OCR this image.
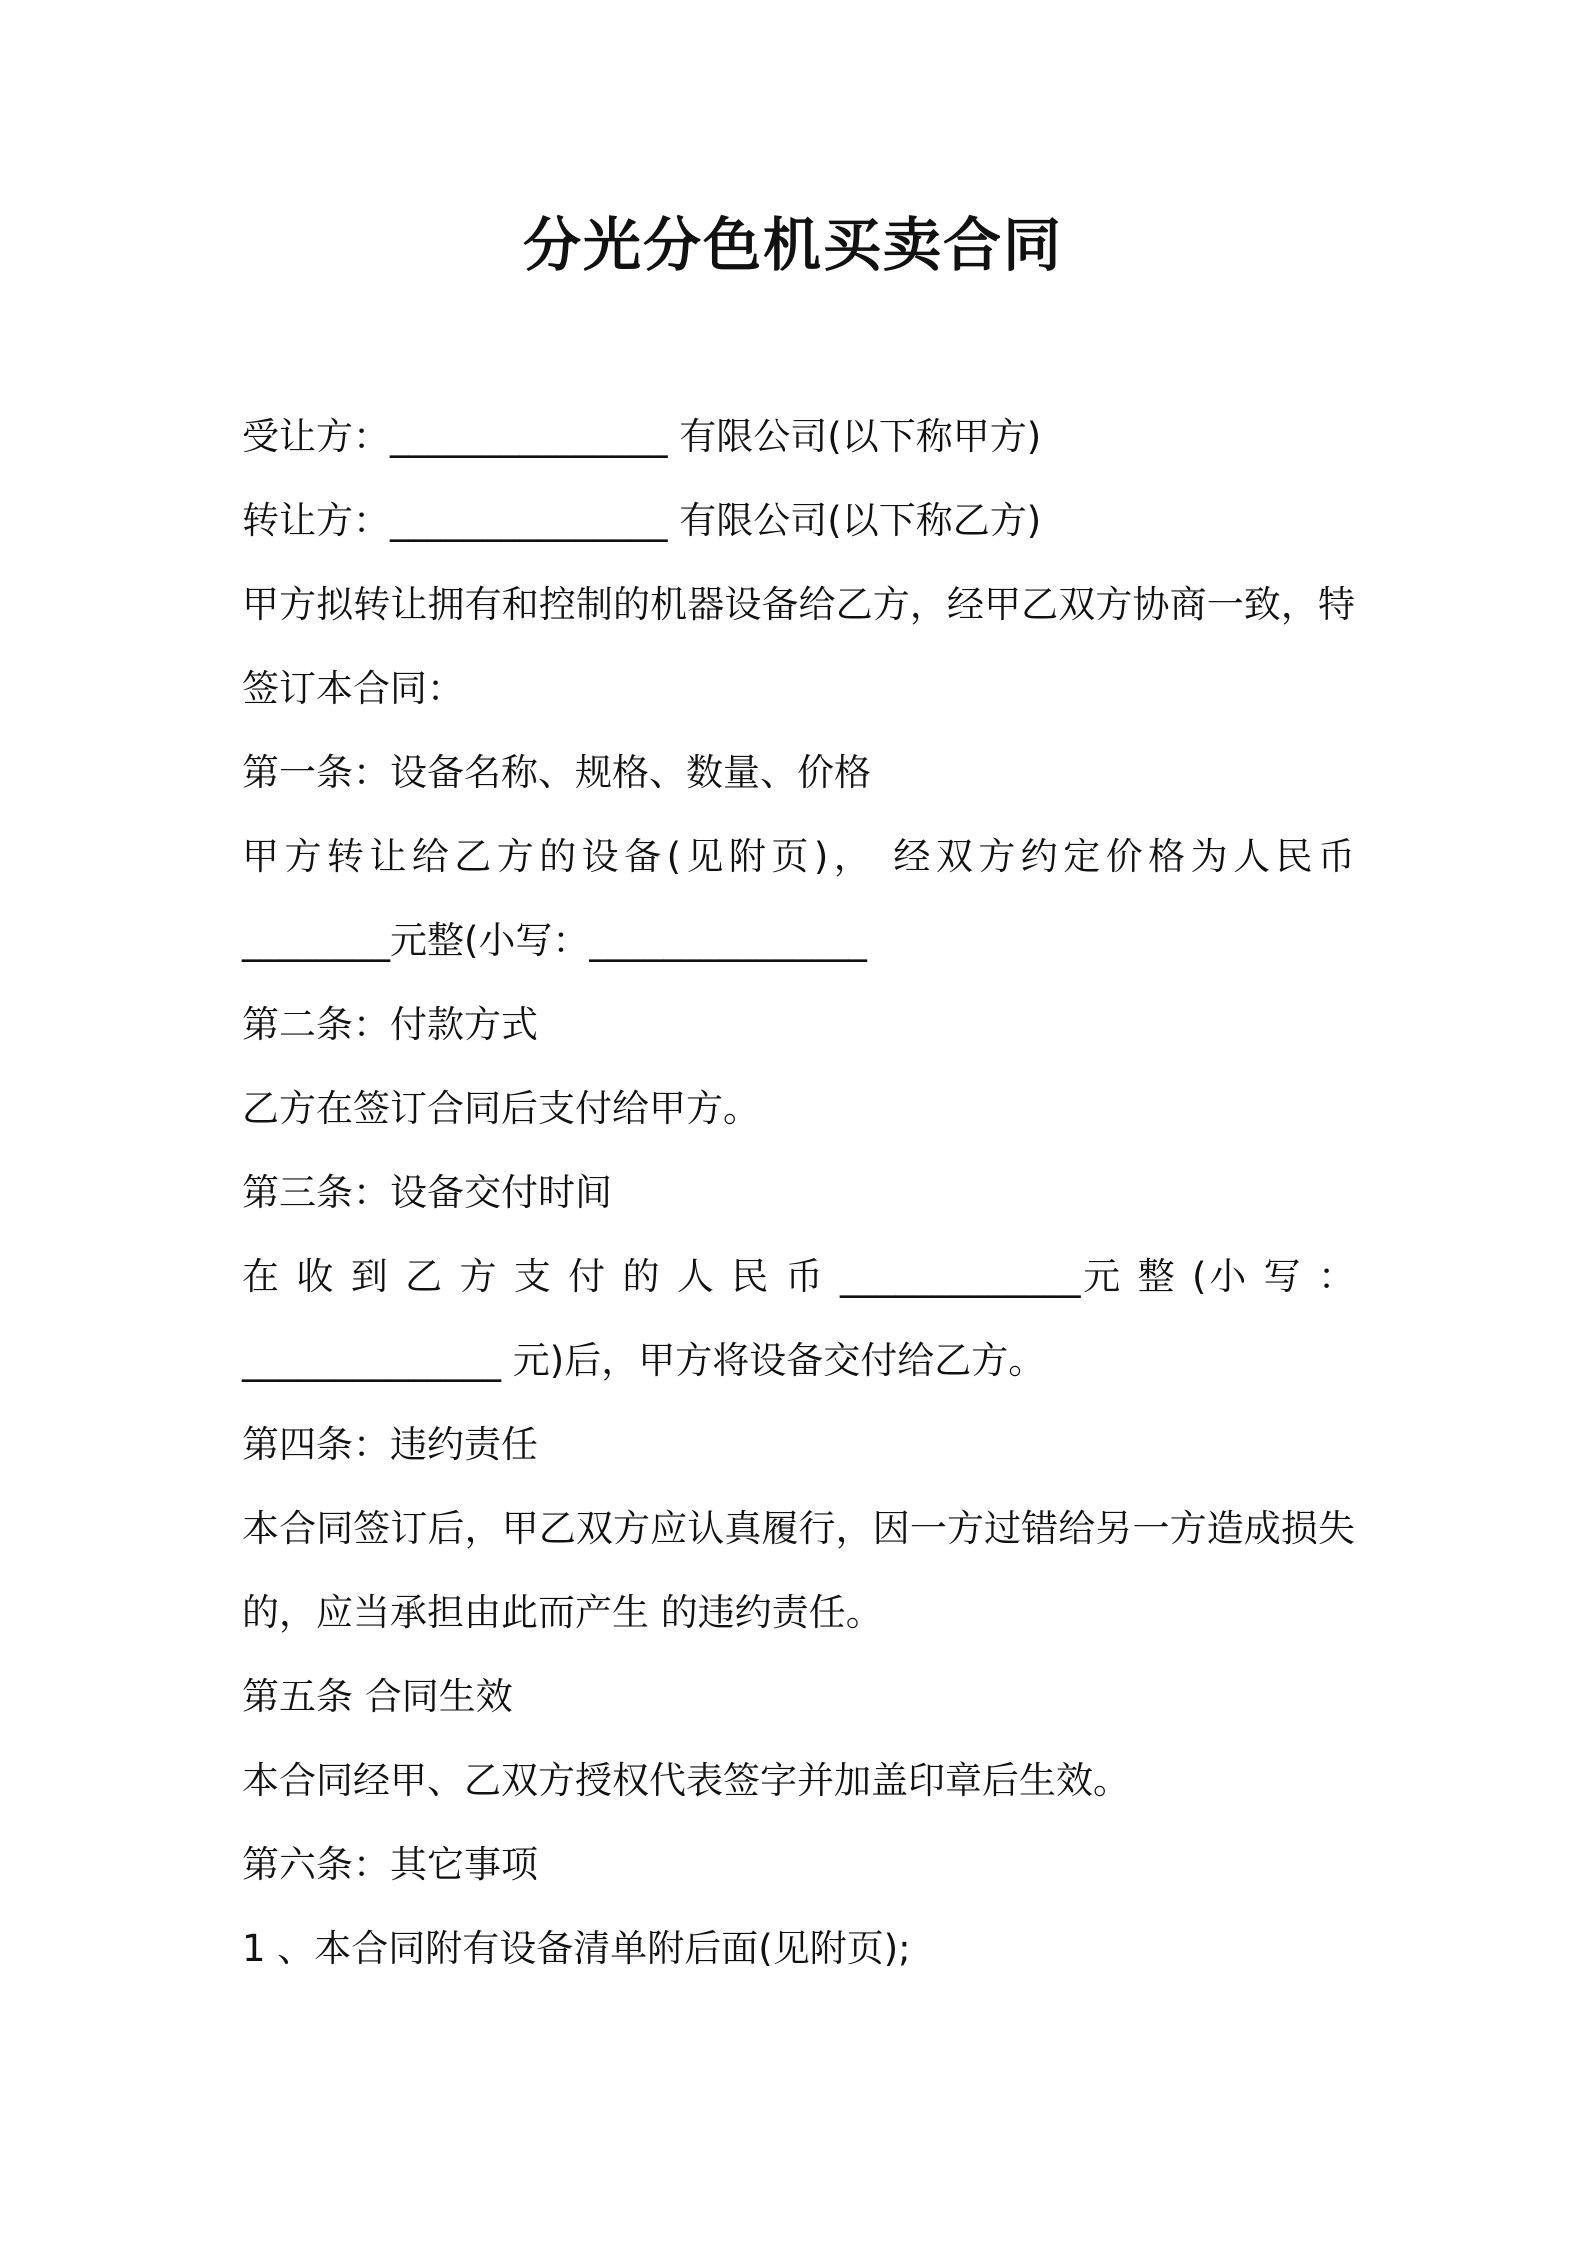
分光分色机买卖合同
受让方：_______________ 有限公司(以下称甲方)
转让方：_______________ 有限公司(以下称乙方)
甲方拟转让拥有和控制的机器设备给乙方，经甲乙双方协商一致，特
签订本合同：
第一条：设备名称、规格、数量、价格
甲方转让给乙方的设备(见附页)， 经双方约定价格为人民币
________元整(小写：_______________
第二条：付款方式
乙方在签订合同后支付给甲方。
第三条：设备交付时间
在 收 到 乙 方 支 付 的 人 民 币 _____________元 整 (小 写 ：
______________ 元)后，甲方将设备交付给乙方。
第四条：违约责任
本合同签订后，甲乙双方应认真履行，因一方过错给另一方造成损失
的，应当承担由此而产生 的违约责任。
第五条 合同生效
本合同经甲、乙双方授权代表签字并加盖印章后生效。
第六条：其它事项
1 、本合同附有设备清单附后面(见附页);
